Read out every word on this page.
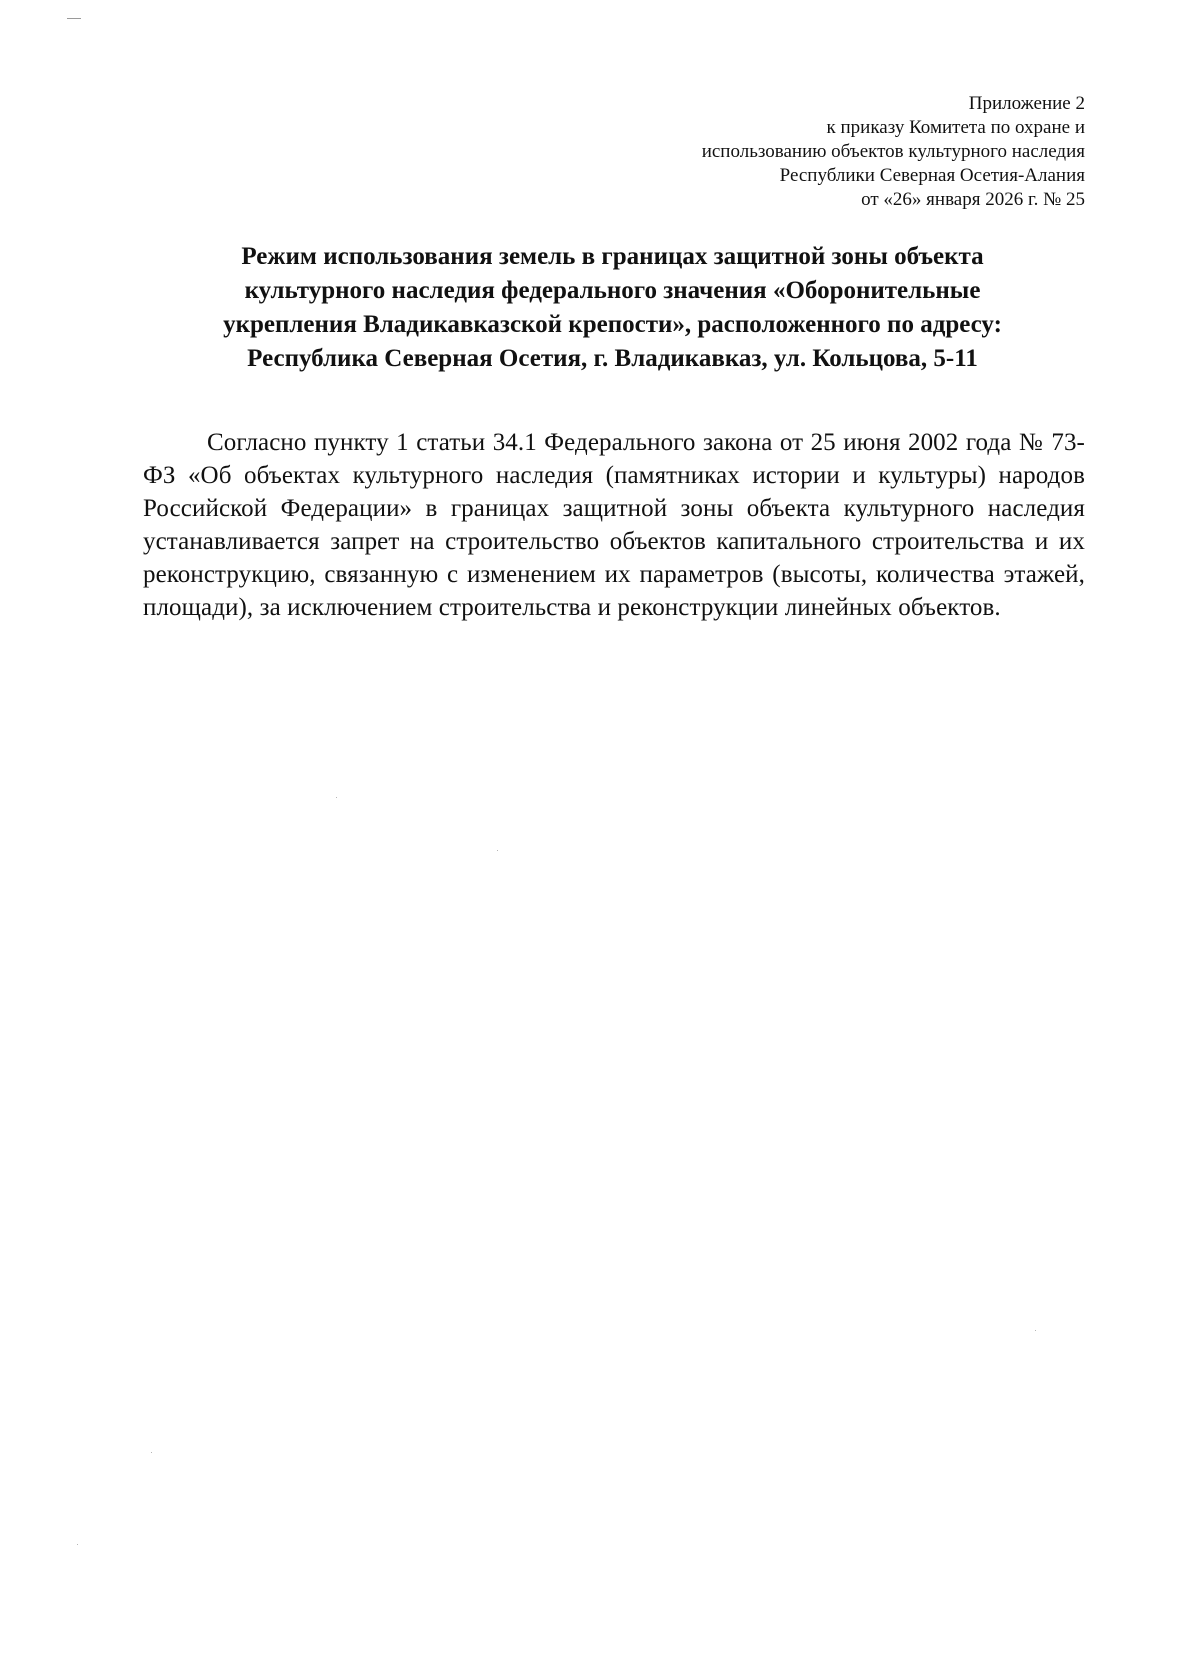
Приложение 2
к приказу Комитета по охране и
использованию объектов культурного наследия
Республики Северная Осетия-Алания
от «26» января 2026 г. № 25
Режим использования земель в границах защитной зоны объекта
культурного наследия федерального значения «Оборонительные
укрепления Владикавказской крепости», расположенного по адресу:
Республика Северная Осетия, г. Владикавказ, ул. Кольцова, 5-11
Согласно пункту 1 статьи 34.1 Федерального закона от 25 июня 2002 года № 73-ФЗ «Об объектах культурного наследия (памятниках истории и культуры) народов Российской Федерации» в границах защитной зоны объекта культурного наследия устанавливается запрет на строительство объектов капитального строительства и их реконструкцию, связанную с изменением их параметров (высоты, количества этажей, площади), за исключением строительства и реконструкции линейных объектов.
